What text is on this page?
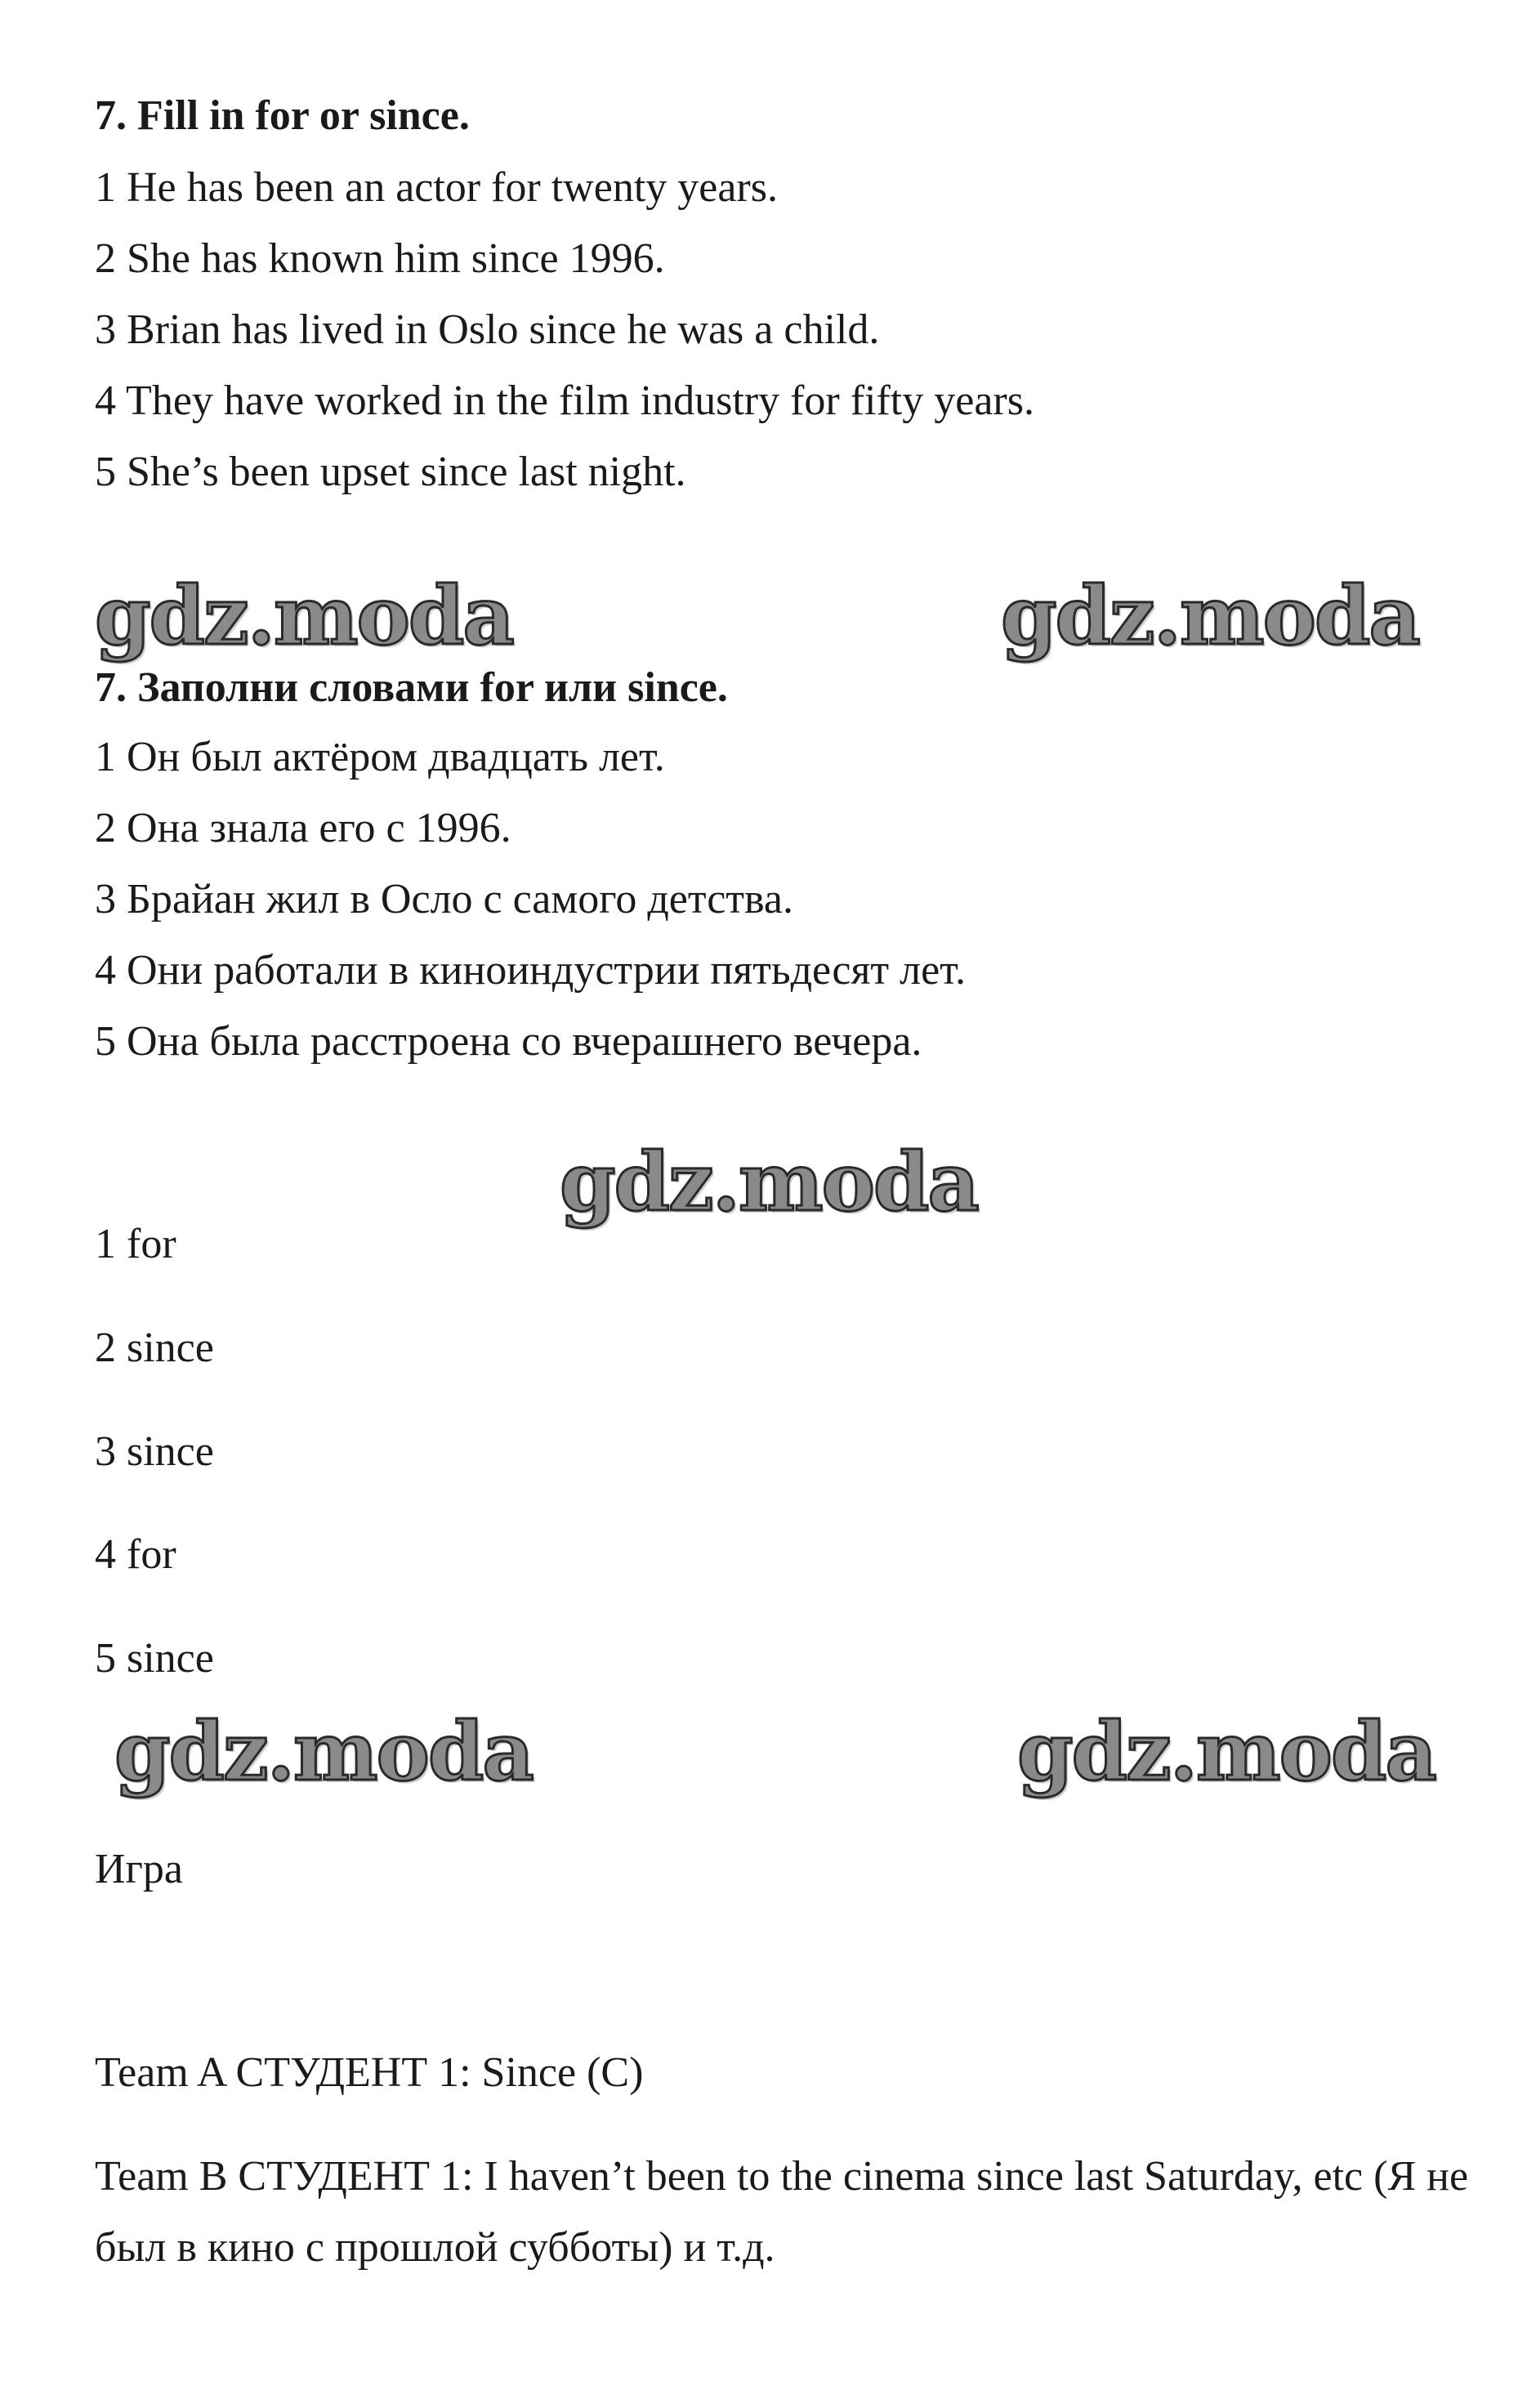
7. Fill in for or since.
1 He has been an actor for twenty years.
2 She has known him since 1996.
3 Brian has lived in Oslo since he was a child.
4 They have worked in the film industry for fifty years.
5 She’s been upset since last night.
gdz.moda	gdz.moda
7. Заполни словами for или since.
1 Он был актёром двадцать лет.
2 Она знала его с 1996.
3 Брайан жил в Осло с самого детства.
4 Они работали в киноиндустрии пятьдесят лет.
5 Она была расстроена со вчерашнего вечера.
gdz.moda
1 for
2 since
3 since
4 for
5 since
gdz.moda	gdz.moda
Игра
Team A СТУДЕНТ 1: Since (С)
Team B СТУДЕНТ 1: I haven’t been to the cinema since last Saturday, etc (Я не был в кино с прошлой субботы) и т.д.
